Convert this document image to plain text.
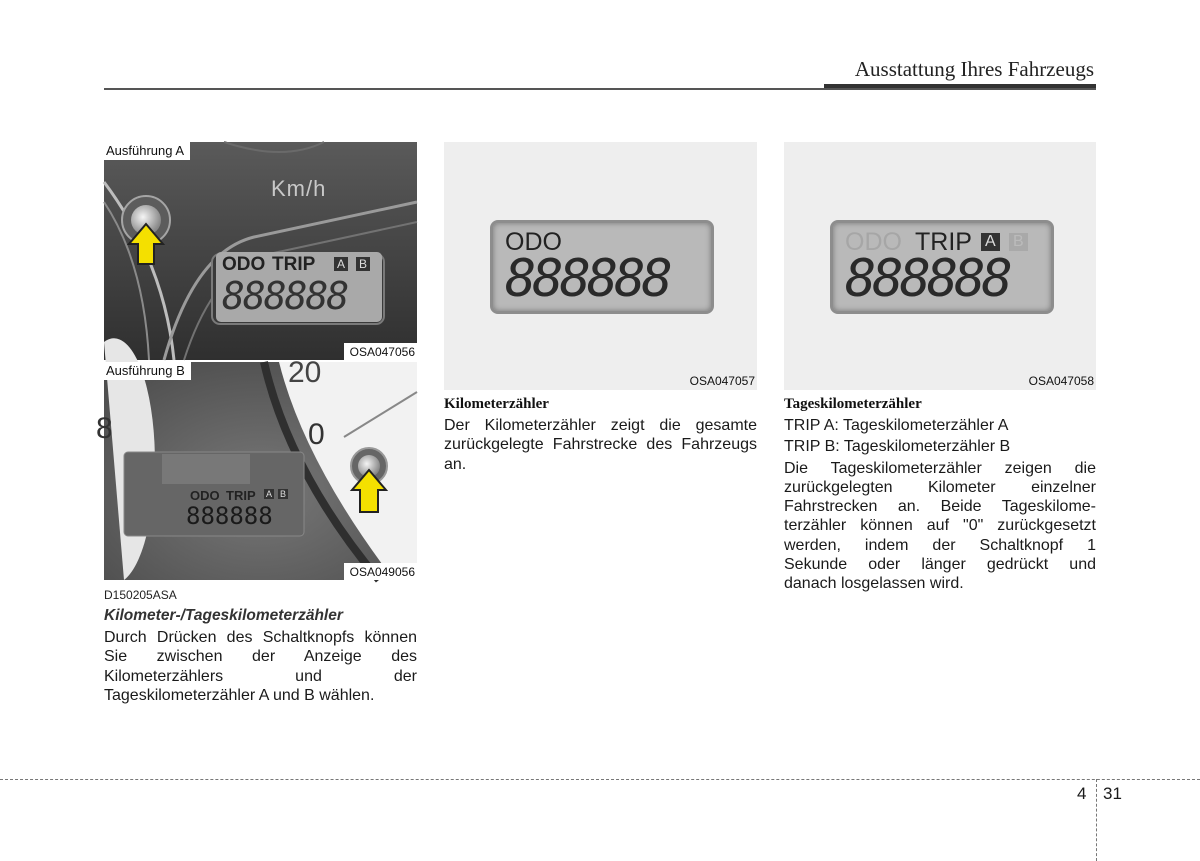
Ausstattung Ihres Fahrzeugs
Km/h
ODO TRIP A B
888888
Ausführung A
OSA047056
20
0
8
ODO TRIP A B
888888
Ausführung B
OSA049056
ODO
888888
OSA047057
ODO TRIP A B
888888
OSA047058
D150205ASA
Kilometer-/Tageskilometerzähler
Durch Drücken des Schaltknopfs können
Sie zwischen der Anzeige des
Kilometerzählers und der
Tageskilometerzähler A und B wählen.
Kilometerzähler
Der Kilometerzähler zeigt die gesamte
zurückgelegte Fahrstrecke des Fahrzeugs
an.
Tageskilometerzähler
TRIP A: Tageskilometerzähler A
TRIP B: Tageskilometerzähler B
Die Tageskilometerzähler zeigen die
zurückgelegten Kilometer einzelner
Fahrstrecken an. Beide Tageskilome-
terzähler können auf "0" zurückgesetzt
werden, indem der Schaltknopf 1
Sekunde oder länger gedrückt und
danach losgelassen wird.
4 31
